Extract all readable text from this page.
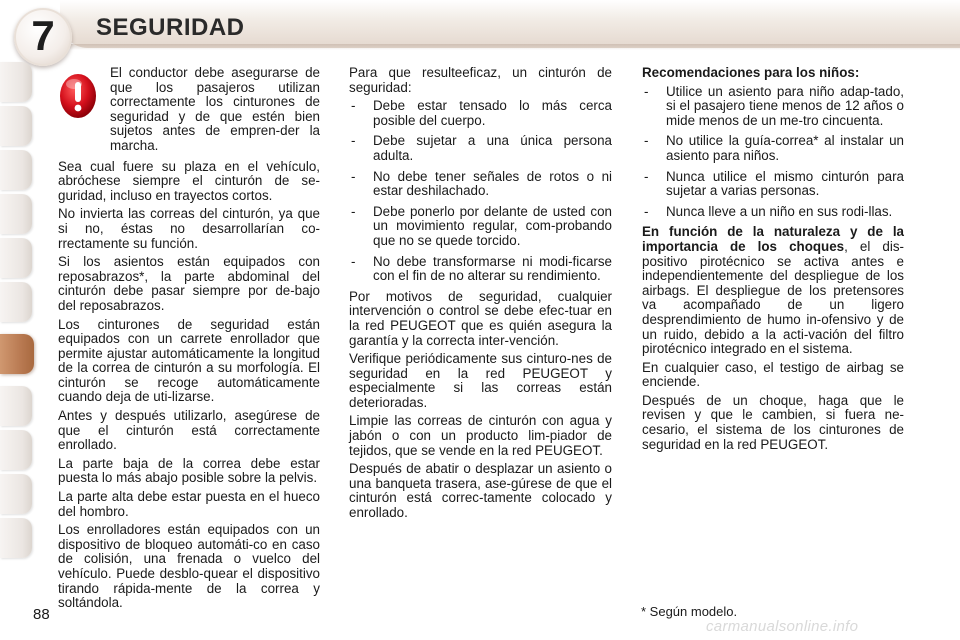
7 SEGURIDAD

El conductor debe asegurarse de que los pasajeros utilizan correctamente los cinturones de seguridad y de que estén bien sujetos antes de empren-der la marcha.

Sea cual fuere su plaza en el vehículo, abróchese siempre el cinturón de se-guridad, incluso en trayectos cortos.

No invierta las correas del cinturón, ya que si no, éstas no desarrollarían co-rrectamente su función.

Si los asientos están equipados con reposabrazos*, la parte abdominal del cinturón debe pasar siempre por de-bajo del reposabrazos.

Los cinturones de seguridad están equipados con un carrete enrollador que permite ajustar automáticamente la longitud de la correa de cinturón a su morfología. El cinturón se recoge automáticamente cuando deja de uti-lizarse.

Antes y después utilizarlo, asegúrese de que el cinturón está correctamente enrollado.

La parte baja de la correa debe estar puesta lo más abajo posible sobre la pelvis.

La parte alta debe estar puesta en el hueco del hombro.

Los enrolladores están equipados con un dispositivo de bloqueo automáti-co en caso de colisión, una frenada o vuelco del vehículo. Puede desblo-quear el dispositivo tirando rápida-mente de la correa y soltándola.

Para que resulteeficaz, un cinturón de seguridad:

- Debe estar tensado lo más cerca posible del cuerpo.
- Debe sujetar a una única persona adulta.
- No debe tener señales de rotos o ni estar deshilachado.
- Debe ponerlo por delante de usted con un movimiento regular, com-probando que no se quede torcido.
- No debe transformarse ni modi-ficarse con el fin de no alterar su rendimiento.

Por motivos de seguridad, cualquier intervención o control se debe efec-tuar en la red PEUGEOT que es quién asegura la garantía y la correcta inter-vención.

Verifique periódicamente sus cinturo-nes de seguridad en la red PEUGEOT y especialmente si las correas están deterioradas.

Limpie las correas de cinturón con agua y jabón o con un producto lim-piador de tejidos, que se vende en la red PEUGEOT.

Después de abatir o desplazar un asiento o una banqueta trasera, ase-gúrese de que el cinturón está correc-tamente colocado y enrollado.

Recomendaciones para los niños:

- Utilice un asiento para niño adap-tado, si el pasajero tiene menos de 12 años o mide menos de un me-tro cincuenta.
- No utilice la guía-correa* al instalar un asiento para niños.
- Nunca utilice el mismo cinturón para sujetar a varias personas.
- Nunca lleve a un niño en sus rodi-llas.

En función de la naturaleza y de la importancia de los choques, el dis-positivo pirotécnico se activa antes e independientemente del despliegue de los airbags. El despliegue de los pretensores va acompañado de un ligero desprendimiento de humo in-ofensivo y de un ruido, debido a la acti-vación del filtro pirotécnico integrado en el sistema.

En cualquier caso, el testigo de airbag se enciende.

Después de un choque, haga que le revisen y que le cambien, si fuera ne-cesario, el sistema de los cinturones de seguridad en la red PEUGEOT.

88	* Según modelo.
carmanualsonline.info
